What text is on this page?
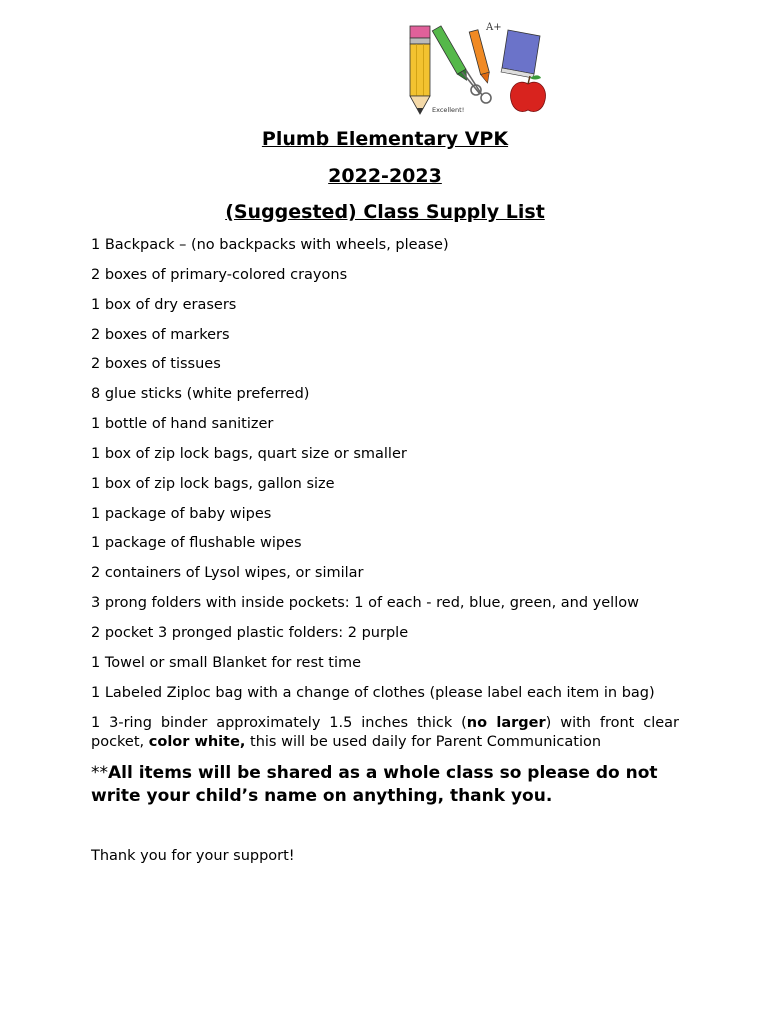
A+
Excellent!
Plumb Elementary VPK
2022-2023
(Suggested) Class Supply List
1 Backpack – (no backpacks with wheels, please)
2 boxes of primary-colored crayons
1 box of dry erasers
2 boxes of markers
2 boxes of tissues
8 glue sticks (white preferred)
1 bottle of hand sanitizer
1 box of zip lock bags, quart size or smaller
1 box of zip lock bags, gallon size
1 package of baby wipes
1 package of flushable wipes
2 containers of Lysol wipes, or similar
3 prong folders with inside pockets: 1 of each - red, blue, green, and yellow
2 pocket 3 pronged plastic folders: 2 purple
1 Towel or small Blanket for rest time
1 Labeled Ziploc bag with a change of clothes (please label each item in bag)
1 3-ring binder approximately 1.5 inches thick (no larger) with front clear pocket, color white, this will be used daily for Parent Communication
**All items will be shared as a whole class so please do not write your child’s name on anything, thank you.
Thank you for your support!
